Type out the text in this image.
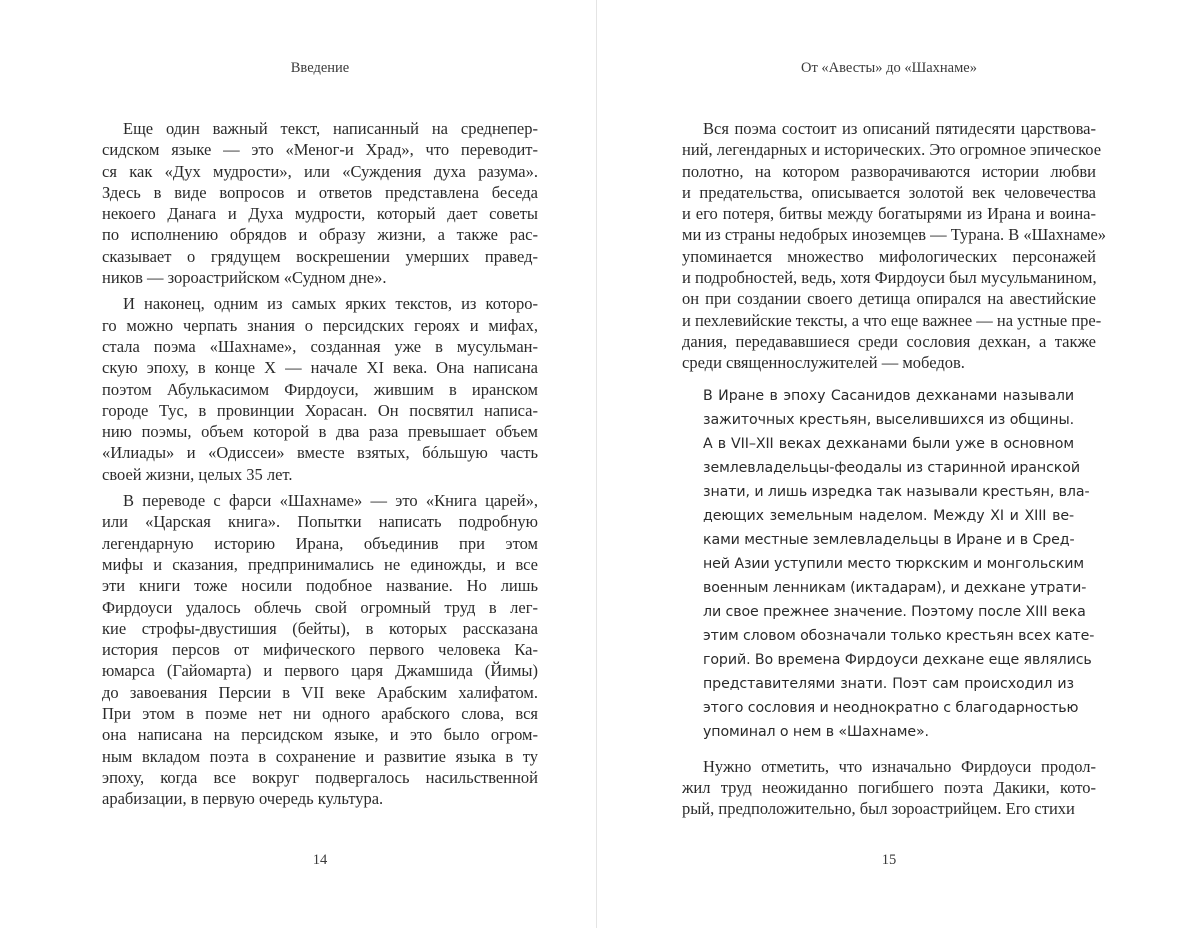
Введение
Еще один важный текст, написанный на среднепер-
сидском языке — это «Меног-и Храд», что переводит-
ся как «Дух мудрости», или «Суждения духа разума».
Здесь в виде вопросов и ответов представлена беседа
некоего Данага и Духа мудрости, который дает советы
по исполнению обрядов и образу жизни, а также рас-
сказывает о грядущем воскрешении умерших правед-
ников — зороастрийском «Судном дне».
И наконец, одним из самых ярких текстов, из которо-
го можно черпать знания о персидских героях и мифах,
стала поэма «Шахнаме», созданная уже в мусульман-
скую эпоху, в конце X — начале XI века. Она написана
поэтом Абулькасимом Фирдоуси, жившим в иранском
городе Тус, в провинции Хорасан. Он посвятил написа-
нию поэмы, объем которой в два раза превышает объем
«Илиады» и «Одиссеи» вместе взятых, бóльшую часть
своей жизни, целых 35 лет.
В переводе с фарси «Шахнаме» — это «Книга царей»,
или «Царская книга». Попытки написать подробную
легендарную историю Ирана, объединив при этом
мифы и сказания, предпринимались не единожды, и все
эти книги тоже носили подобное название. Но лишь
Фирдоуси удалось облечь свой огромный труд в лег-
кие строфы-двустишия (бейты), в которых рассказана
история персов от мифического первого человека Ка-
юмарса (Гайомарта) и первого царя Джамшида (Йимы)
до завоевания Персии в VII веке Арабским халифатом.
При этом в поэме нет ни одного арабского слова, вся
она написана на персидском языке, и это было огром-
ным вкладом поэта в сохранение и развитие языка в ту
эпоху, когда все вокруг подвергалось насильственной
арабизации, в первую очередь культура.
14
От «Авесты» до «Шахнаме»
Вся поэма состоит из описаний пятидесяти царствова-
ний, легендарных и исторических. Это огромное эпическое
полотно, на котором разворачиваются истории любви
и предательства, описывается золотой век человечества
и его потеря, битвы между богатырями из Ирана и воина-
ми из страны недобрых иноземцев — Турана. В «Шахнаме»
упоминается множество мифологических персонажей
и подробностей, ведь, хотя Фирдоуси был мусульманином,
он при создании своего детища опирался на авестийские
и пехлевийские тексты, а что еще важнее — на устные пре-
дания, передававшиеся среди сословия дехкан, а также
среди священнослужителей — мобедов.
В Иране в эпоху Сасанидов дехканами называли
зажиточных крестьян, выселившихся из общины.
А в VII–XII веках дехканами были уже в основном
землевладельцы-феодалы из старинной иранской
знати, и лишь изредка так называли крестьян, вла-
деющих земельным наделом. Между XI и XIII ве-
ками местные землевладельцы в Иране и в Сред-
ней Азии уступили место тюркским и монгольским
военным ленникам (иктадарам), и дехкане утрати-
ли свое прежнее значение. Поэтому после XIII века
этим словом обозначали только крестьян всех кате-
горий. Во времена Фирдоуси дехкане еще являлись
представителями знати. Поэт сам происходил из
этого сословия и неоднократно с благодарностью
упоминал о нем в «Шахнаме».
Нужно отметить, что изначально Фирдоуси продол-
жил труд неожиданно погибшего поэта Дакики, кото-
рый, предположительно, был зороастрийцем. Его стихи
15
